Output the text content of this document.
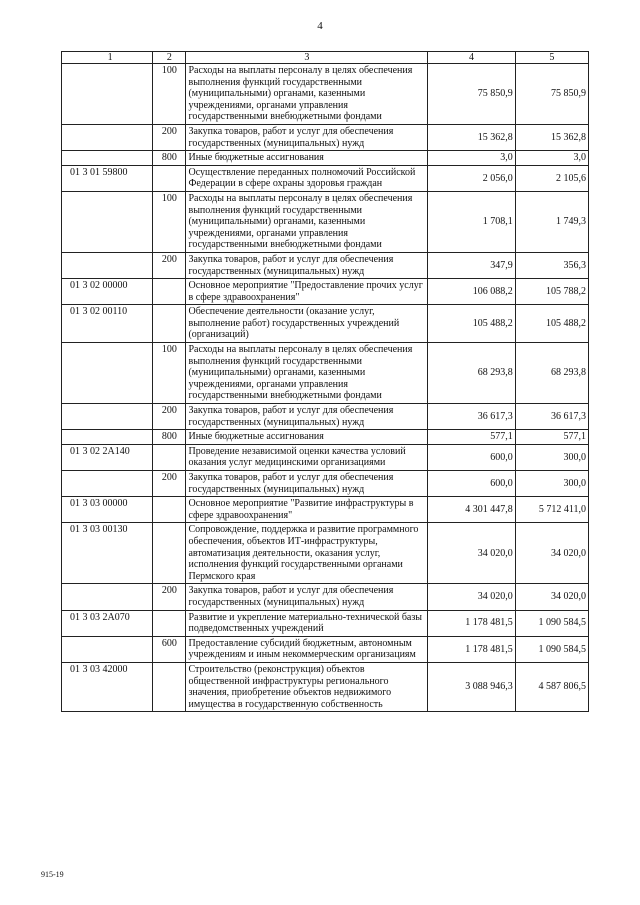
4
1	2	3	4	5
	100	Расходы на выплаты персоналу в целях обеспечения выполнения функций государственными (муниципальными) органами, казенными учреждениями, органами управления государственными внебюджетными фондами	75 850,9	75 850,9
	200	Закупка товаров, работ и услуг для обеспечения государственных (муниципальных) нужд	15 362,8	15 362,8
	800	Иные бюджетные ассигнования	3,0	3,0
01 3 01 59800		Осуществление переданных полномочий Российской Федерации в сфере охраны здоровья граждан	2 056,0	2 105,6
	100	Расходы на выплаты персоналу в целях обеспечения выполнения функций государственными (муниципальными) органами, казенными учреждениями, органами управления государственными внебюджетными фондами	1 708,1	1 749,3
	200	Закупка товаров, работ и услуг для обеспечения государственных (муниципальных) нужд	347,9	356,3
01 3 02 00000		Основное мероприятие "Предоставление прочих услуг в сфере здравоохранения"	106 088,2	105 788,2
01 3 02 00110		Обеспечение деятельности (оказание услуг, выполнение работ) государственных учреждений (организаций)	105 488,2	105 488,2
	100	Расходы на выплаты персоналу в целях обеспечения выполнения функций государственными (муниципальными) органами, казенными учреждениями, органами управления государственными внебюджетными фондами	68 293,8	68 293,8
	200	Закупка товаров, работ и услуг для обеспечения государственных (муниципальных) нужд	36 617,3	36 617,3
	800	Иные бюджетные ассигнования	577,1	577,1
01 3 02 2А140		Проведение независимой оценки качества условий оказания услуг медицинскими организациями	600,0	300,0
	200	Закупка товаров, работ и услуг для обеспечения государственных (муниципальных) нужд	600,0	300,0
01 3 03 00000		Основное мероприятие "Развитие инфраструктуры в сфере здравоохранения"	4 301 447,8	5 712 411,0
01 3 03 00130		Сопровождение, поддержка и развитие программного обеспечения, объектов ИТ-инфраструктуры, автоматизация деятельности, оказания услуг, исполнения функций государственными органами Пермского края	34 020,0	34 020,0
	200	Закупка товаров, работ и услуг для обеспечения государственных (муниципальных) нужд	34 020,0	34 020,0
01 3 03 2А070		Развитие и укрепление материально-технической базы подведомственных учреждений	1 178 481,5	1 090 584,5
	600	Предоставление субсидий бюджетным, автономным учреждениям и иным некоммерческим организациям	1 178 481,5	1 090 584,5
01 3 03 42000		Строительство (реконструкция) объектов общественной инфраструктуры регионального значения, приобретение объектов недвижимого имущества в государственную собственность	3 088 946,3	4 587 806,5
915-19
